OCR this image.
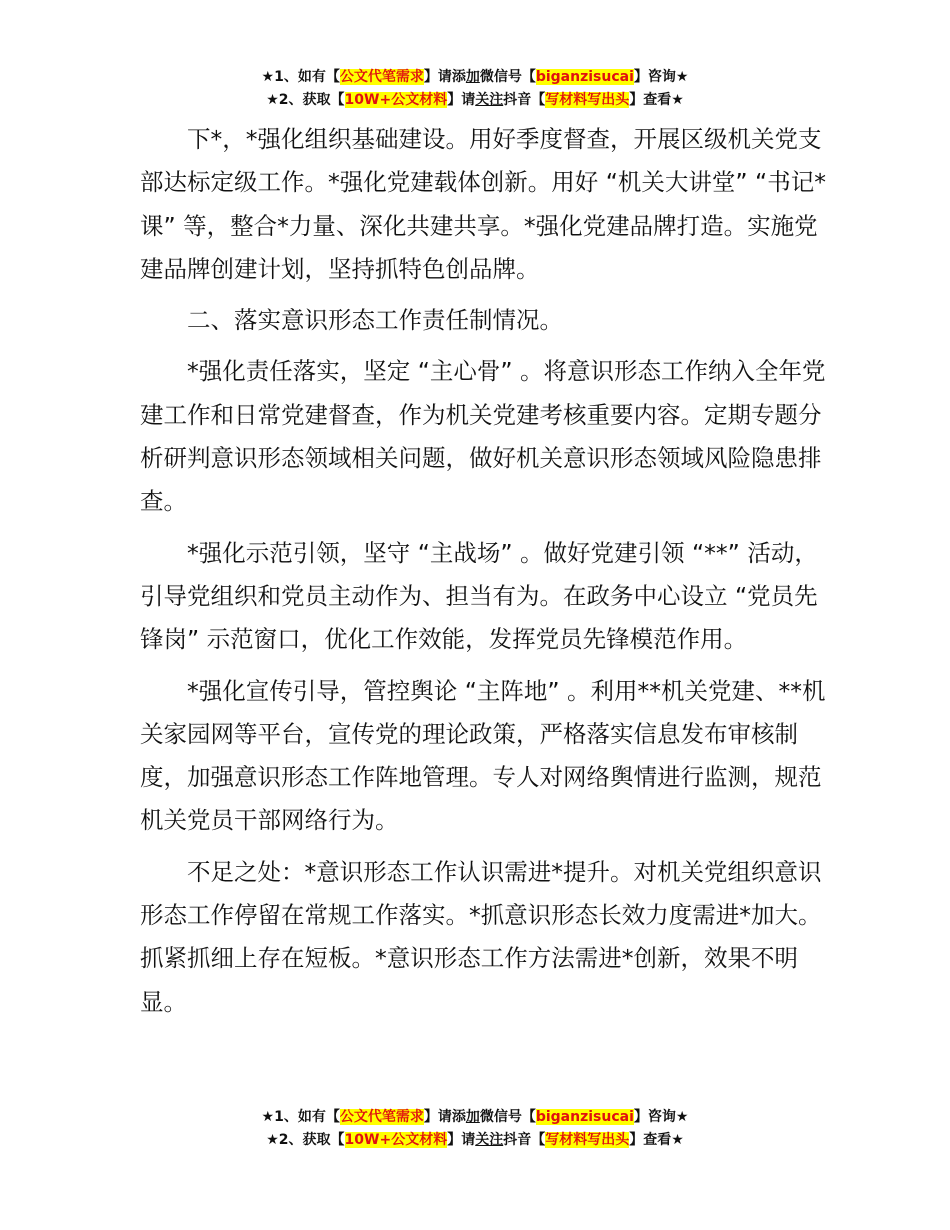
★1、如有【公文代笔需求】请添加微信号【biganzisucai】咨询★
★2、获取【10W+公文材料】请关注抖音【写材料写出头】查看★

下*，*强化组织基础建设。用好季度督查，开展区级机关党支部达标定级工作。*强化党建载体创新。用好 “机关大讲堂” “书记*课” 等，整合*力量、深化共建共享。*强化党建品牌打造。实施党建品牌创建计划，坚持抓特色创品牌。

二、落实意识形态工作责任制情况。

*强化责任落实，坚定 “主心骨” 。将意识形态工作纳入全年党建工作和日常党建督查，作为机关党建考核重要内容。定期专题分析研判意识形态领域相关问题，做好机关意识形态领域风险隐患排查。

*强化示范引领，坚守 “主战场” 。做好党建引领 “**” 活动，引导党组织和党员主动作为、担当有为。在政务中心设立 “党员先锋岗” 示范窗口，优化工作效能，发挥党员先锋模范作用。

*强化宣传引导，管控舆论 “主阵地” 。利用**机关党建、**机关家园网等平台，宣传党的理论政策，严格落实信息发布审核制度，加强意识形态工作阵地管理。专人对网络舆情进行监测，规范机关党员干部网络行为。

不足之处：*意识形态工作认识需进*提升。对机关党组织意识形态工作停留在常规工作落实。*抓意识形态长效力度需进*加大。抓紧抓细上存在短板。*意识形态工作方法需进*创新，效果不明显。

★1、如有【公文代笔需求】请添加微信号【biganzisucai】咨询★
★2、获取【10W+公文材料】请关注抖音【写材料写出头】查看★
